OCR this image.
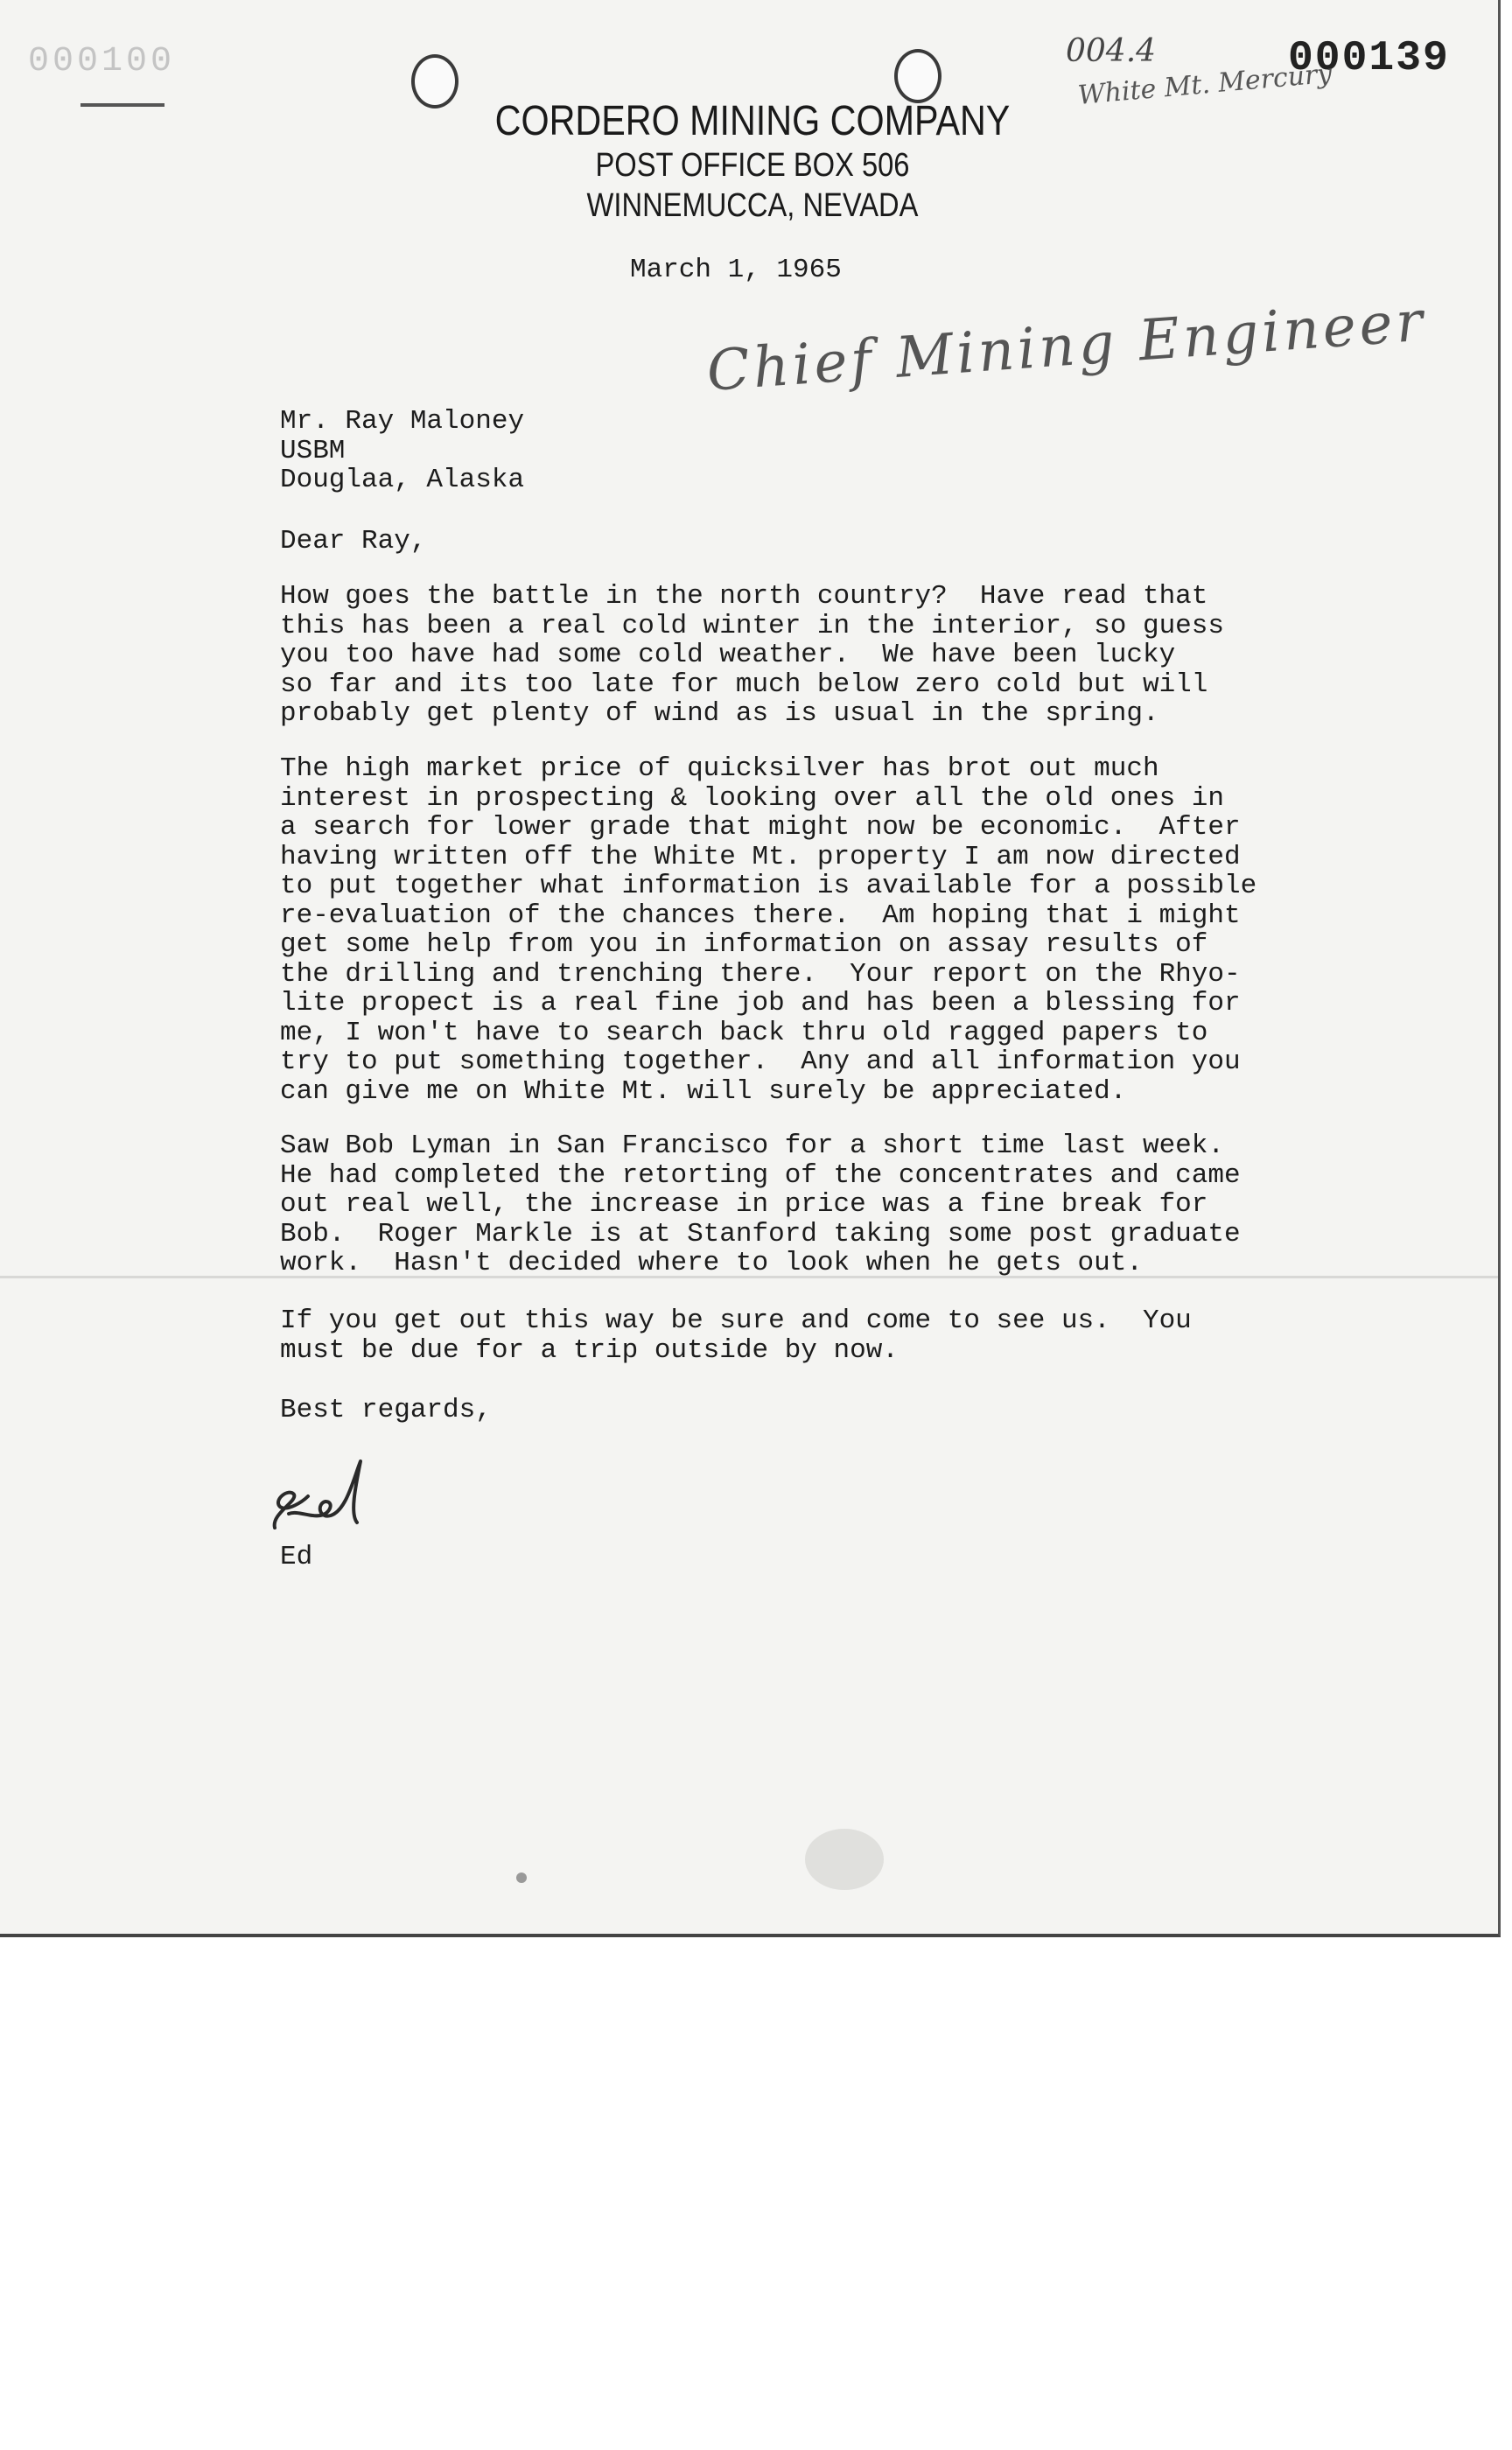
000100	004.4	000139
White Mt. Mercury
CORDERO MINING COMPANY
POST OFFICE BOX 506
WINNEMUCCA, NEVADA
March 1, 1965
Chief Mining Engineer
Mr. Ray Maloney
USBM
Douglaa, Alaska
Dear Ray,
How goes the battle in the north country?  Have read that
this has been a real cold winter in the interior, so guess
you too have had some cold weather.  We have been lucky
so far and its too late for much below zero cold but will
probably get plenty of wind as is usual in the spring.
The high market price of quicksilver has brot out much
interest in prospecting & looking over all the old ones in
a search for lower grade that might now be economic.  After
having written off the White Mt. property I am now directed
to put together what information is available for a possible
re-evaluation of the chances there.  Am hoping that i might
get some help from you in information on assay results of
the drilling and trenching there.  Your report on the Rhyo-
lite propect is a real fine job and has been a blessing for
me, I won't have to search back thru old ragged papers to
try to put something together.  Any and all information you
can give me on White Mt. will surely be appreciated.
Saw Bob Lyman in San Francisco for a short time last week.
He had completed the retorting of the concentrates and came
out real well, the increase in price was a fine break for
Bob.  Roger Markle is at Stanford taking some post graduate
work.  Hasn't decided where to look when he gets out.
If you get out this way be sure and come to see us.  You
must be due for a trip outside by now.
Best regards,
Ed
